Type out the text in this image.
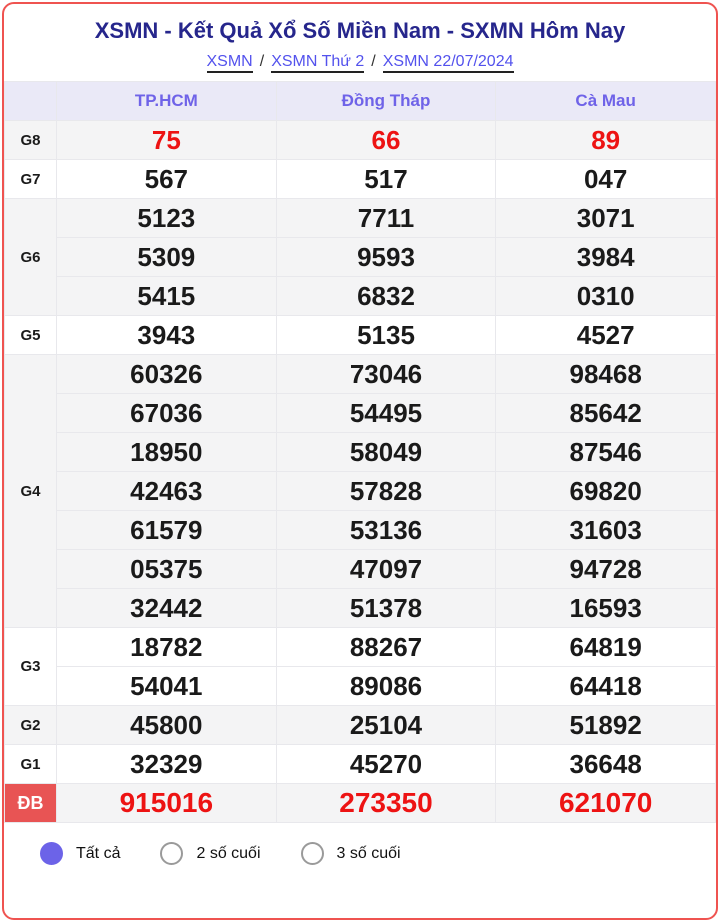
XSMN - Kết Quả Xổ Số Miền Nam - SXMN Hôm Nay
XSMN / XSMN Thứ 2 / XSMN 22/07/2024
	TP.HCM	Đồng Tháp	Cà Mau
G8	75	66	89
G7	567	517	047
G6	5123	7711	3071
	5309	9593	3984
	5415	6832	0310
G5	3943	5135	4527
G4	60326	73046	98468
	67036	54495	85642
	18950	58049	87546
	42463	57828	69820
	61579	53136	31603
	05375	47097	94728
	32442	51378	16593
G3	18782	88267	64819
	54041	89086	64418
G2	45800	25104	51892
G1	32329	45270	36648
ĐB	915016	273350	621070
Tất cả	2 số cuối	3 số cuối
